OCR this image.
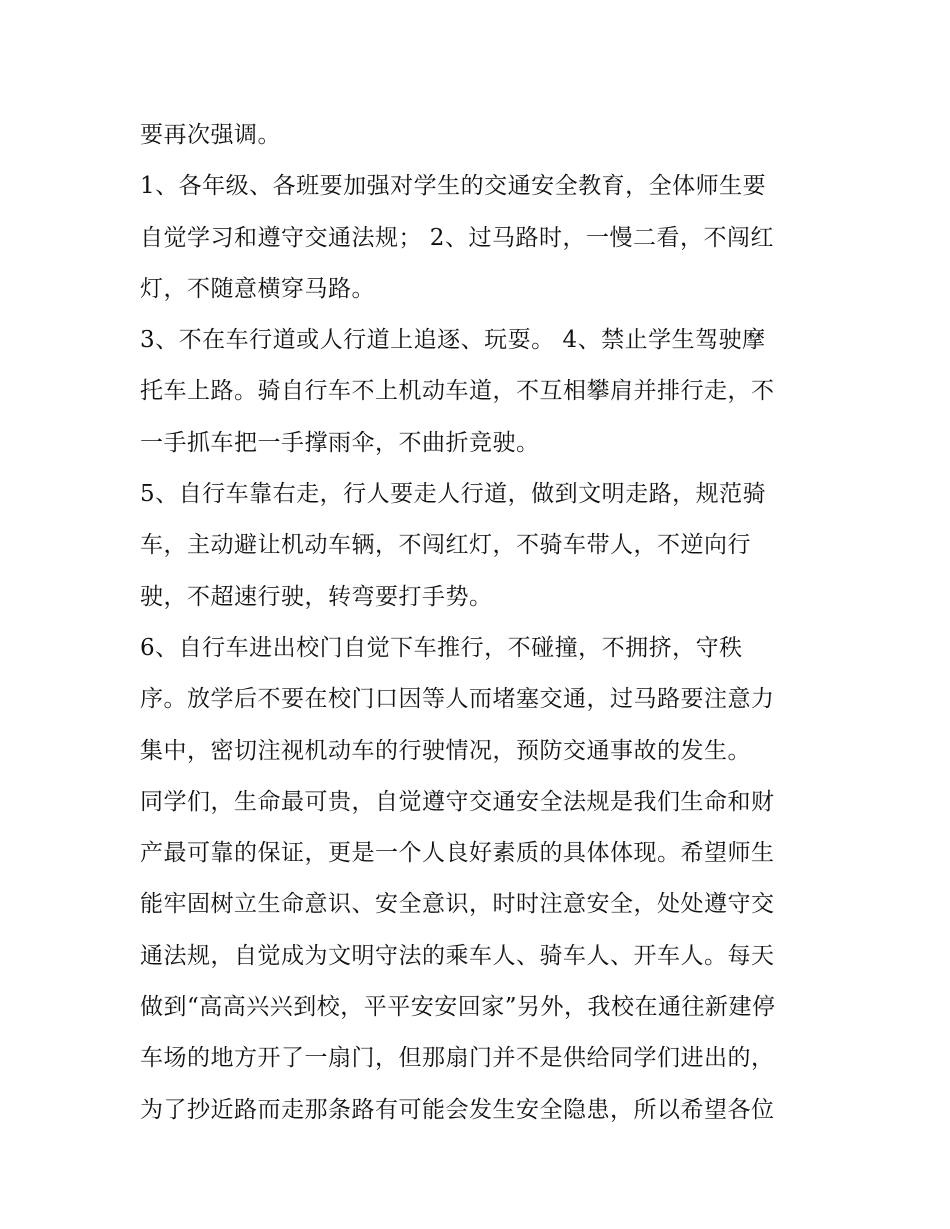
要再次强调。
1、各年级、各班要加强对学生的交通安全教育，全体师生要
自觉学习和遵守交通法规； 2、过马路时，一慢二看，不闯红
灯，不随意横穿马路。
3、不在车行道或人行道上追逐、玩耍。 4、禁止学生驾驶摩
托车上路。骑自行车不上机动车道，不互相攀肩并排行走，不
一手抓车把一手撑雨伞，不曲折竞驶。
5、自行车靠右走，行人要走人行道，做到文明走路，规范骑
车，主动避让机动车辆，不闯红灯，不骑车带人，不逆向行
驶，不超速行驶，转弯要打手势。
6、自行车进出校门自觉下车推行，不碰撞，不拥挤，守秩
序。放学后不要在校门口因等人而堵塞交通，过马路要注意力
集中，密切注视机动车的行驶情况，预防交通事故的发生。
同学们，生命最可贵，自觉遵守交通安全法规是我们生命和财
产最可靠的保证，更是一个人良好素质的具体体现。希望师生
能牢固树立生命意识、安全意识，时时注意安全，处处遵守交
通法规，自觉成为文明守法的乘车人、骑车人、开车人。每天
做到“高高兴兴到校，平平安安回家”另外，我校在通往新建停
车场的地方开了一扇门，但那扇门并不是供给同学们进出的，
为了抄近路而走那条路有可能会发生安全隐患，所以希望各位
